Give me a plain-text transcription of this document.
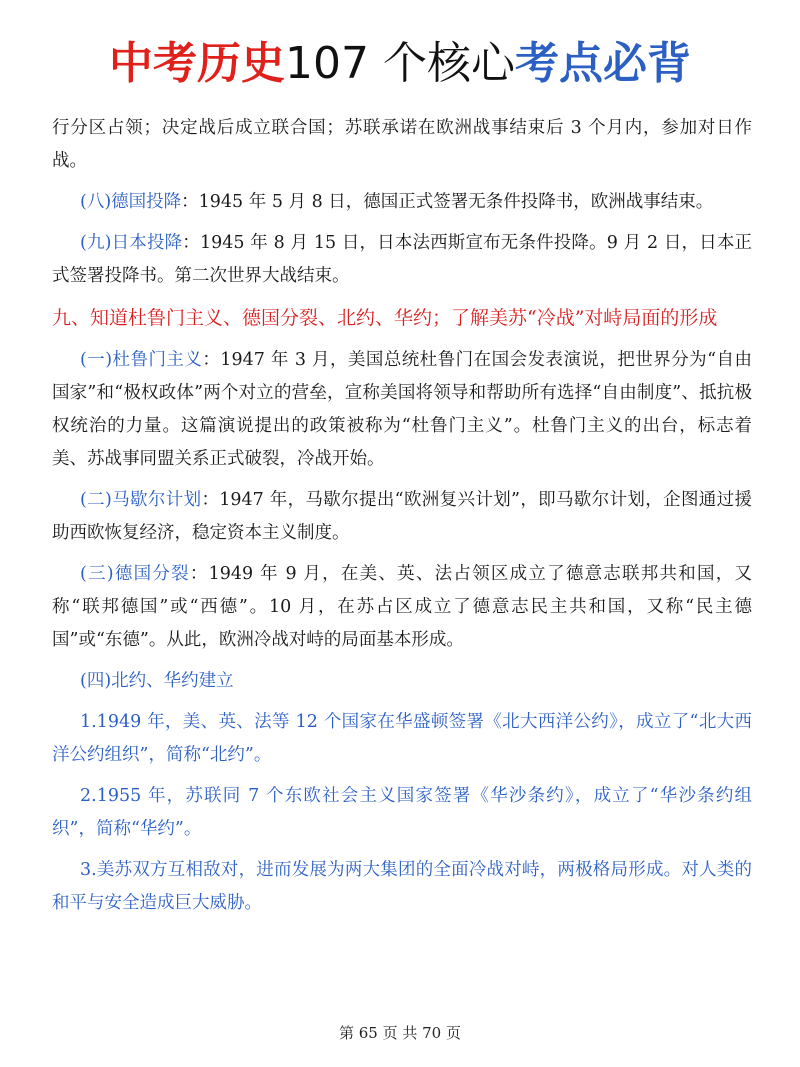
中考历史107 个核心考点必背

行分区占领；决定战后成立联合国；苏联承诺在欧洲战事结束后 3 个月内，参加对日作战。

(八)德国投降：1945 年 5 月 8 日，德国正式签署无条件投降书，欧洲战事结束。

(九)日本投降：1945 年 8 月 15 日，日本法西斯宣布无条件投降。9 月 2 日，日本正式签署投降书。第二次世界大战结束。

九、知道杜鲁门主义、德国分裂、北约、华约；了解美苏“冷战”对峙局面的形成

(一)杜鲁门主义：1947 年 3 月，美国总统杜鲁门在国会发表演说，把世界分为“自由国家”和“极权政体”两个对立的营垒，宣称美国将领导和帮助所有选择“自由制度”、抵抗极权统治的力量。这篇演说提出的政策被称为“杜鲁门主义”。杜鲁门主义的出台，标志着美、苏战事同盟关系正式破裂，冷战开始。

(二)马歇尔计划：1947 年，马歇尔提出“欧洲复兴计划”，即马歇尔计划，企图通过援助西欧恢复经济，稳定资本主义制度。

(三)德国分裂：1949 年 9 月，在美、英、法占领区成立了德意志联邦共和国，又称“联邦德国”或“西德”。10 月，在苏占区成立了德意志民主共和国，又称“民主德国”或“东德”。从此，欧洲冷战对峙的局面基本形成。

(四)北约、华约建立

1.1949 年，美、英、法等 12 个国家在华盛顿签署《北大西洋公约》，成立了“北大西洋公约组织”，简称“北约”。

2.1955 年，苏联同 7 个东欧社会主义国家签署《华沙条约》，成立了“华沙条约组织”，简称“华约”。

3.美苏双方互相敌对，进而发展为两大集团的全面冷战对峙，两极格局形成。对人类的和平与安全造成巨大威胁。

第 65 页 共 70 页
